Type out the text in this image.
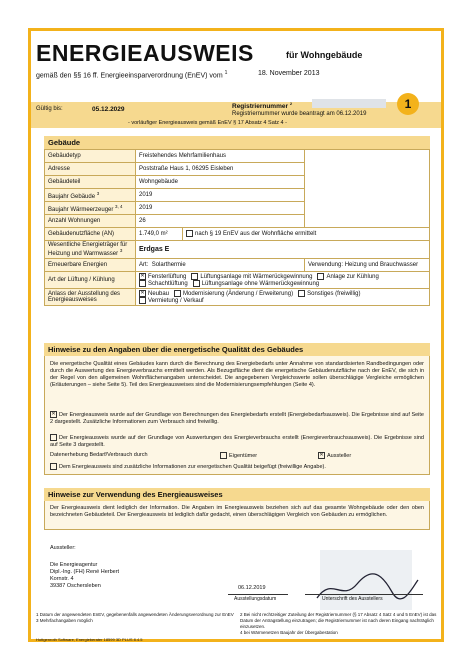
ENERGIEAUSWEIS	für Wohngebäude
gemäß den §§ 16 ff. Energieeinsparverordnung (EnEV) vom $^1$	18. November 2013
Gültig bis:	05.12.2029	Registriernummer $^2$
Registriernummer wurde beantragt am 06.12.2019
- vorläufiger Energieausweis gemäß EnEV § 17 Absatz 4 Satz 4 -
1
Gebäude
Gebäudetyp	Freistehendes Mehrfamilienhaus		
Adresse	Poststraße Haus 1, 06295 Eisleben		
Gebäudeteil	Wohngebäude		
Baujahr Gebäude $^3$	2019		
Baujahr Wärmeerzeuger $^{3, 4}$	2019		
Anzahl Wohnungen	26		
Gebäudenutzfläche (AN)	1.749,0 m²	nach § 19 EnEV aus der Wohnfläche ermittelt	
Wesentliche Energieträger für Heizung und Warmwasser $^3$	Erdgas E		
Erneuerbare Energien	Art: Solarthermie		Verwendung: Heizung und Brauchwasser
Art der Lüftung / Kühlung	✕ Fensterlüftung Lüftungsanlage mit Wärmerückgewinnung Anlage zur Kühlung
Schachtlüftung Lüftungsanlage ohne Wärmerückgewinnung		
Anlass der Ausstellung des Energieausweises	✕ Neubau Modernisierung (Änderung / Erweiterung) Sonstiges (freiwillig)
Vermietung / Verkauf		
Hinweise zu den Angaben über die energetische Qualität des Gebäudes
Die energetische Qualität eines Gebäudes kann durch die Berechnung des Energiebedarfs unter Annahme von standardisierten Randbedingungen oder durch die Auswertung des Energieverbrauchs ermittelt werden. Als Bezugsfläche dient die energetische Gebäudenutzfläche nach der EnEV, die sich in der Regel von den allgemeinen Wohnflächenangaben unterscheidet. Die angegebenen Vergleichswerte sollen überschlägige Vergleiche ermöglichen (Erläuterungen – siehe Seite 5). Teil des Energieausweises sind die Modernisierungsempfehlungen (Seite 4).
✕ Der Energieausweis wurde auf der Grundlage von Berechnungen des Energiebedarfs erstellt (Energiebedarfsausweis). Die Ergebnisse sind auf Seite 2 dargestellt. Zusätzliche Informationen zum Verbrauch sind freiwillig.
Der Energieausweis wurde auf der Grundlage von Auswertungen des Energieverbrauchs erstellt (Energieverbrauchsausweis). Die Ergebnisse sind auf Seite 3 dargestellt.
Datenerhebung Bedarf/Verbrauch durch	Eigentümer	✕ Aussteller
Dem Energieausweis sind zusätzliche Informationen zur energetischen Qualität beigefügt (freiwillige Angabe).
Hinweise zur Verwendung des Energieausweises
Der Energieausweis dient lediglich der Information. Die Angaben im Energieausweis beziehen sich auf das gesamte Wohngebäude oder den oben bezeichneten Gebäudeteil. Der Energieausweis ist lediglich dafür gedacht, einen überschlägigen Vergleich von Gebäuden zu ermöglichen.
Aussteller:
Die Energieagentur
Dipl.-Ing. (FH) René Herbert
Kornstr. 4
39387 Oschersleben	06.12.2019
Ausstellungsdatum	Unterschrift des Ausstellers
1 Datum der angewendeten EnEV, gegebenenfalls angewendeten Änderungsverordnung zur EnEV
3 Mehrfachangaben möglich
2 Bei nicht rechtzeitiger Zuteilung der Registriernummer (§ 17 Absatz 4 Satz 4 und 5 EnEV) ist das Datum der Antragstellung einzutragen; die Registriernummer ist nach deren Eingang nachträglich einzusetzen.
4 bei Wärmenetzen Baujahr der Übergabestation
Hottgenroth Software, Energieberater 18599 3D PLUS 8.4.5
